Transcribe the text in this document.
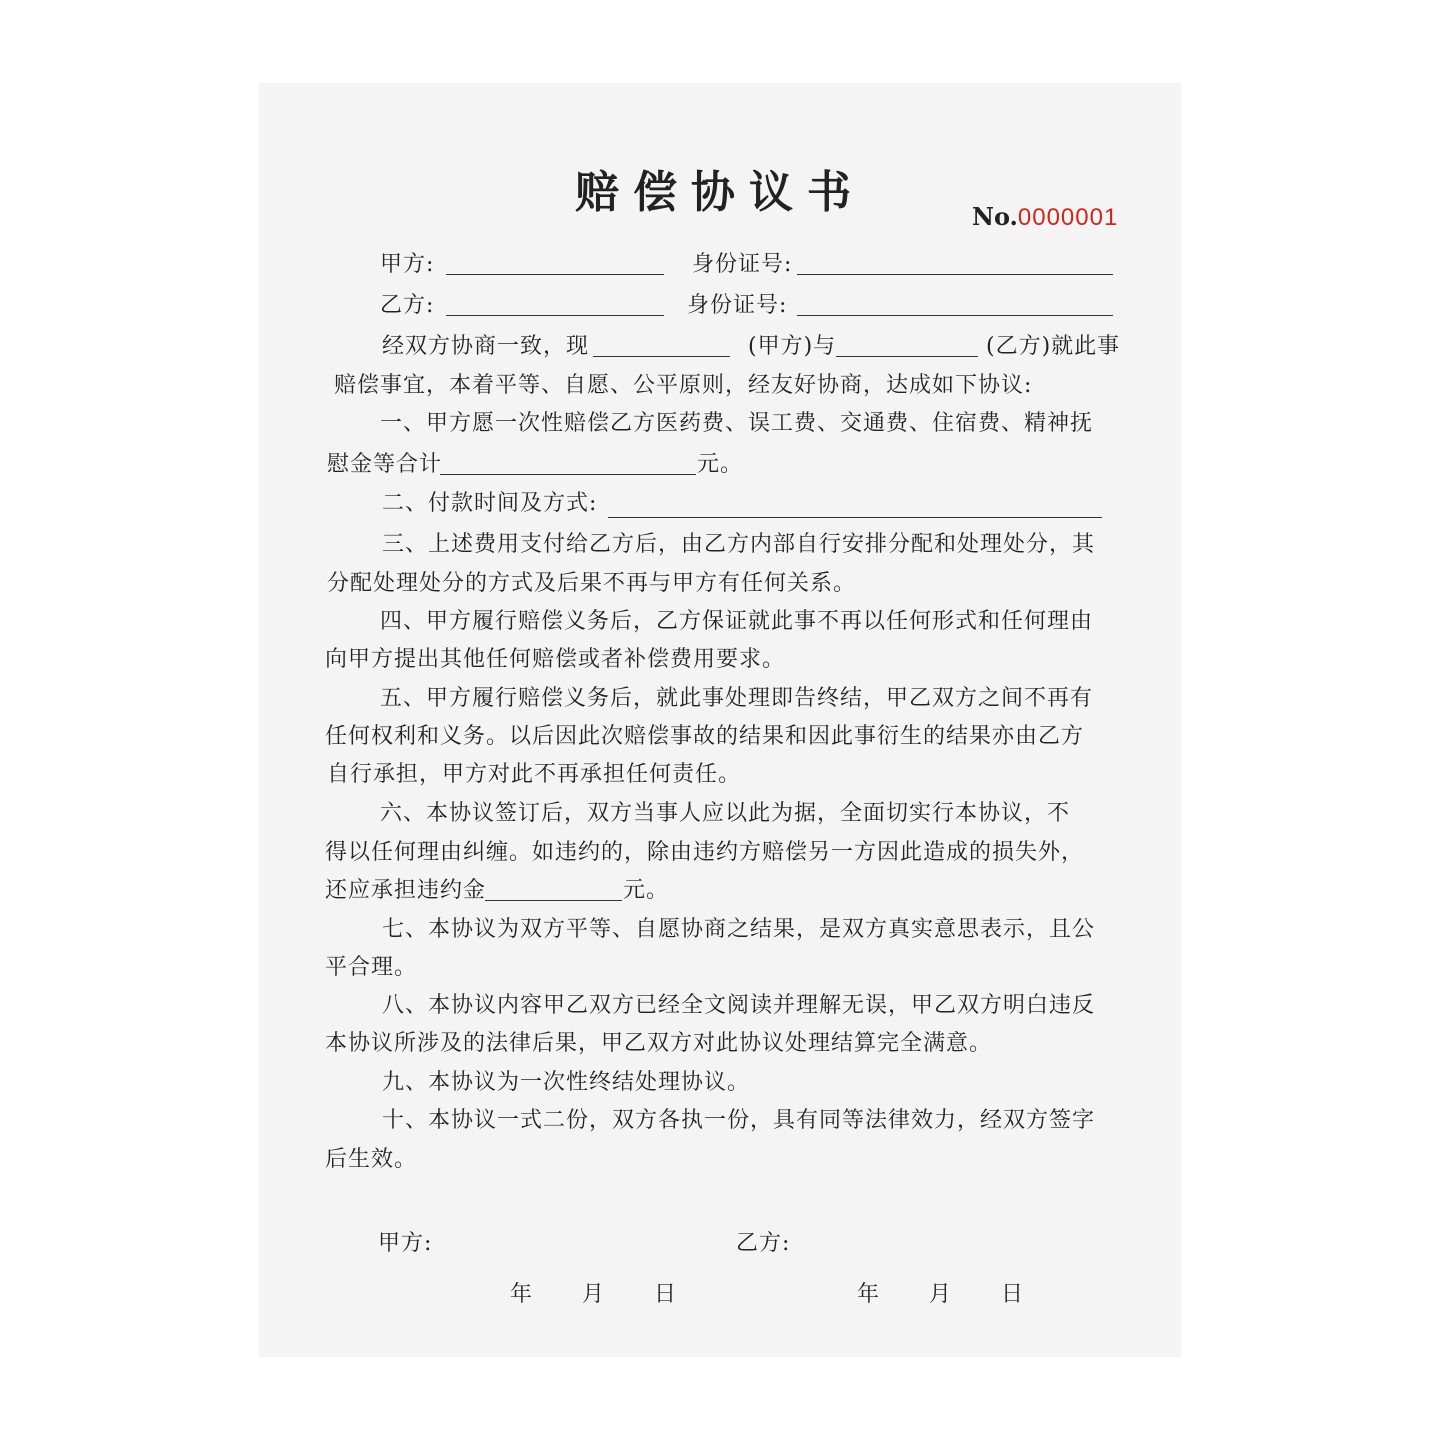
赔偿协议书	No.0000001
甲方:	身份证号:
乙方:	身份证号:
经双方协商一致，现	(甲方)与	(乙方)就此事
赔偿事宜，本着平等、自愿、公平原则，经友好协商，达成如下协议:
一、甲方愿一次性赔偿乙方医药费、误工费、交通费、住宿费、精神抚
慰金等合计	元。
二、付款时间及方式:
三、上述费用支付给乙方后，由乙方内部自行安排分配和处理处分，其
分配处理处分的方式及后果不再与甲方有任何关系。
四、甲方履行赔偿义务后，乙方保证就此事不再以任何形式和任何理由
向甲方提出其他任何赔偿或者补偿费用要求。
五、甲方履行赔偿义务后，就此事处理即告终结，甲乙双方之间不再有
任何权利和义务。以后因此次赔偿事故的结果和因此事衍生的结果亦由乙方
自行承担，甲方对此不再承担任何责任。
六、本协议签订后，双方当事人应以此为据，全面切实行本协议，不
得以任何理由纠缠。如违约的，除由违约方赔偿另一方因此造成的损失外，
还应承担违约金	元。
七、本协议为双方平等、自愿协商之结果，是双方真实意思表示，且公
平合理。
八、本协议内容甲乙双方已经全文阅读并理解无误，甲乙双方明白违反
本协议所涉及的法律后果，甲乙双方对此协议处理结算完全满意。
九、本协议为一次性终结处理协议。
十、本协议一式二份，双方各执一份，具有同等法律效力，经双方签字
后生效。
甲方:	乙方:
年 月 日	年 月 日
